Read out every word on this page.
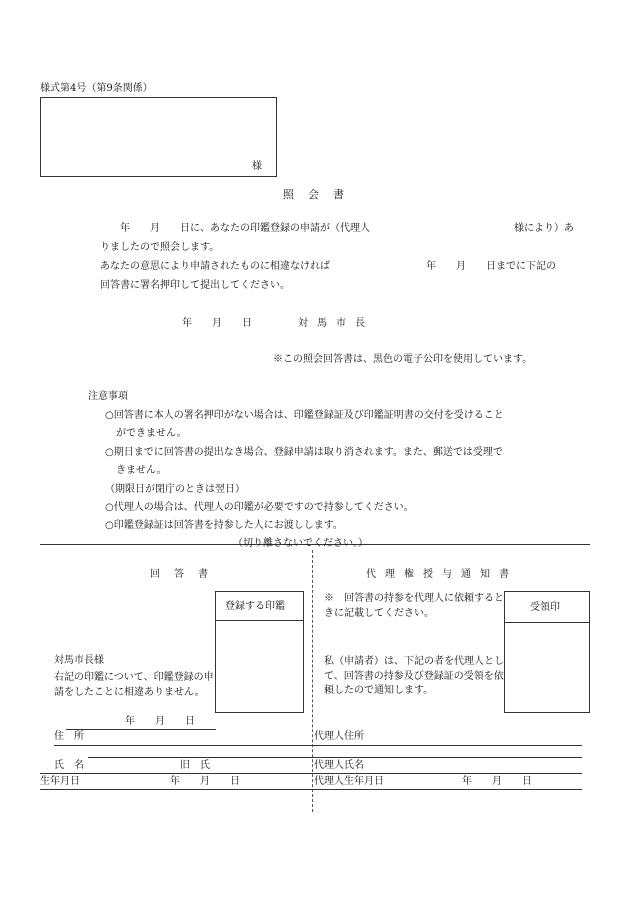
様式第4号（第9条関係）
様
照会書
年　　月　　日に、あなたの印鑑登録の申請が（代理人	様により）あ
りましたので照会します。
あなたの意思により申請されたものに相違なければ	年　　月　　日までに下記の
回答書に署名押印して提出してください。
年　　月　　日	対馬市長
※この照会回答書は、黒色の電子公印を使用しています。
注意事項
○回答書に本人の署名押印がない場合は、印鑑登録証及び印鑑証明書の交付を受けること
ができません。
○期日までに回答書の提出なき場合、登録申請は取り消されます。また、郵送では受理で
きません。
（期限日が閉庁のときは翌日）
○代理人の場合は、代理人の印鑑が必要ですので持参してください。
○印鑑登録証は回答書を持参した人にお渡しします。
（切り離さないでください。）
回答書
登録する印鑑
対馬市長様
右記の印鑑について、印鑑登録の申請をしたことに相違ありません。
年　　月　　日
住　所
氏　名	旧　氏
生年月日	年　　月　　日
代理権授与通知書
※　回答書の持参を代理人に依頼するときに記載してください。	受領印
私（申請者）は、下記の者を代理人として、回答書の持参及び登録証の受領を依頼したので通知します。
代理人住所
代理人氏名
代理人生年月日	年　　月　　日
